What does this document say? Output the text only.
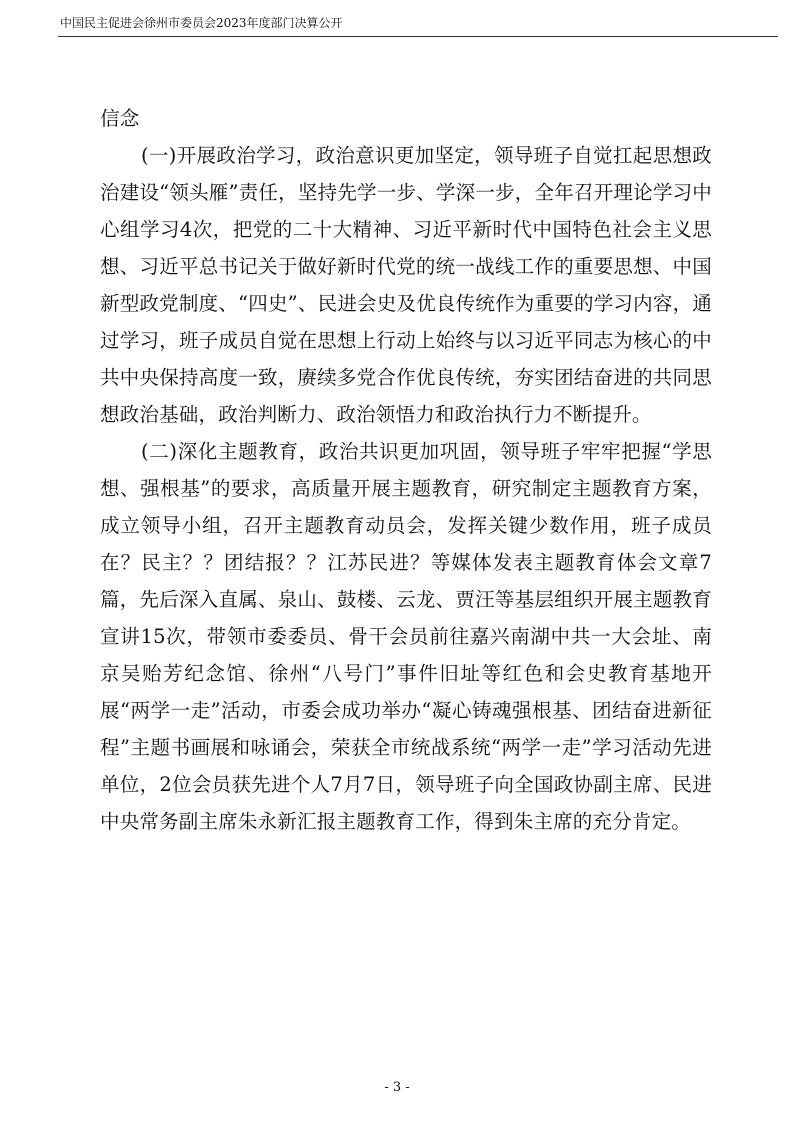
中国民主促进会徐州市委员会2023年度部门决算公开

信念

(一)开展政治学习，政治意识更加坚定，领导班子自觉扛起思想政治建设“领头雁”责任，坚持先学一步、学深一步，全年召开理论学习中心组学习4次，把党的二十大精神、习近平新时代中国特色社会主义思想、习近平总书记关于做好新时代党的统一战线工作的重要思想、中国新型政党制度、“四史”、民进会史及优良传统作为重要的学习内容，通过学习，班子成员自觉在思想上行动上始终与以习近平同志为核心的中共中央保持高度一致，赓续多党合作优良传统，夯实团结奋进的共同思想政治基础，政治判断力、政治领悟力和政治执行力不断提升。

(二)深化主题教育，政治共识更加巩固，领导班子牢牢把握“学思想、强根基”的要求，高质量开展主题教育，研究制定主题教育方案，成立领导小组，召开主题教育动员会，发挥关键少数作用，班子成员在？民主？？团结报？？江苏民进？等媒体发表主题教育体会文章7篇，先后深入直属、泉山、鼓楼、云龙、贾汪等基层组织开展主题教育宣讲15次，带领市委委员、骨干会员前往嘉兴南湖中共一大会址、南京吴贻芳纪念馆、徐州“八号门”事件旧址等红色和会史教育基地开展“两学一走”活动，市委会成功举办“凝心铸魂强根基、团结奋进新征程”主题书画展和咏诵会，荣获全市统战系统“两学一走”学习活动先进单位，2位会员获先进个人7月7日，领导班子向全国政协副主席、民进中央常务副主席朱永新汇报主题教育工作，得到朱主席的充分肯定。

- 3 -
